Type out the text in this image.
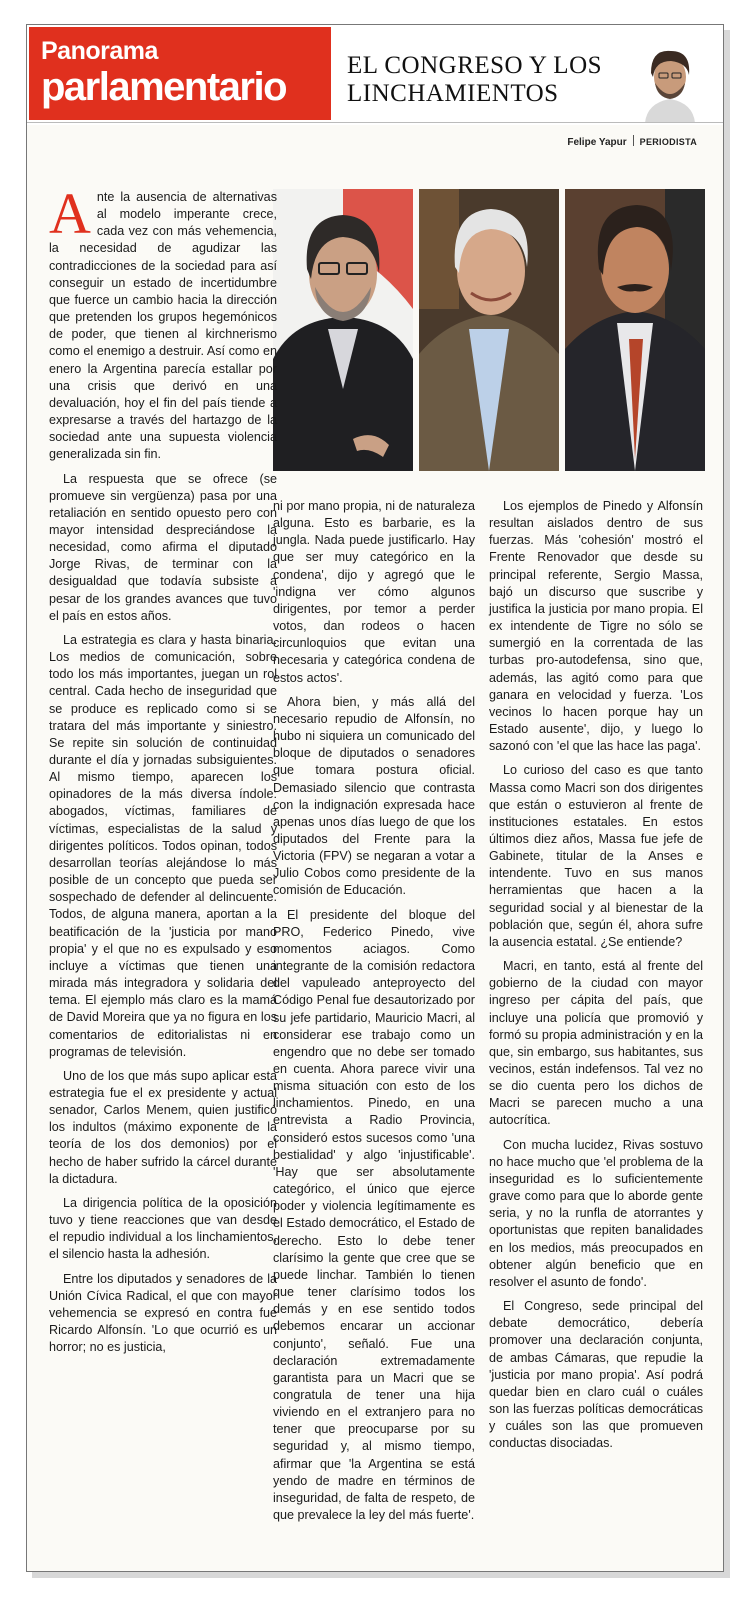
Panorama
parlamentario EL CONGRESO Y LOS LINCHAMIENTOS
Felipe Yapur PERIODISTA

Ante la ausencia de alternativas al modelo imperante crece, cada vez con más vehemencia, la necesidad de agudizar las contradicciones de la sociedad para así conseguir un estado de incertidumbre que fuerce un cambio hacia la dirección que pretenden los grupos hegemónicos de poder, que tienen al kirchnerismo como el enemigo a destruir. Así como en enero la Argentina parecía estallar por una crisis que derivó en una devaluación, hoy el fin del país tiende a expresarse a través del hartazgo de la sociedad ante una supuesta violencia generalizada sin fin.

La respuesta que se ofrece (se promueve sin vergüenza) pasa por una retaliación en sentido opuesto pero con mayor intensidad despreciándose la necesidad, como afirma el diputado Jorge Rivas, de terminar con la desigualdad que todavía subsiste a pesar de los grandes avances que tuvo el país en estos años.

La estrategia es clara y hasta binaria. Los medios de comunicación, sobre todo los más importantes, juegan un rol central. Cada hecho de inseguridad que se produce es replicado como si se tratara del más importante y siniestro. Se repite sin solución de continuidad durante el día y jornadas subsiguientes. Al mismo tiempo, aparecen los opinadores de la más diversa índole: abogados, víctimas, familiares de víctimas, especialistas de la salud y dirigentes políticos. Todos opinan, todos desarrollan teorías alejándose lo más posible de un concepto que pueda ser sospechado de defender al delincuente. Todos, de alguna manera, aportan a la beatificación de la 'justicia por mano propia' y el que no es expulsado y eso incluye a víctimas que tienen una mirada más integradora y solidaria del tema. El ejemplo más claro es la mamá de David Moreira que ya no figura en los comentarios de editorialistas ni en programas de televisión.

Uno de los que más supo aplicar esta estrategia fue el ex presidente y actual senador, Carlos Menem, quien justificó los indultos (máximo exponente de la teoría de los dos demonios) por el hecho de haber sufrido la cárcel durante la dictadura.

La dirigencia política de la oposición tuvo y tiene reacciones que van desde el repudio individual a los linchamientos, el silencio hasta la adhesión.

Entre los diputados y senadores de la Unión Cívica Radical, el que con mayor vehemencia se expresó en contra fue Ricardo Alfonsín. 'Lo que ocurrió es un horror; no es justicia,

ni por mano propia, ni de naturaleza alguna. Esto es barbarie, es la jungla. Nada puede justificarlo. Hay que ser muy categórico en la condena', dijo y agregó que le 'indigna ver cómo algunos dirigentes, por temor a perder votos, dan rodeos o hacen circunloquios que evitan una necesaria y categórica condena de estos actos'.

Ahora bien, y más allá del necesario repudio de Alfonsín, no hubo ni siquiera un comunicado del bloque de diputados o senadores que tomara postura oficial. Demasiado silencio que contrasta con la indignación expresada hace apenas unos días luego de que los diputados del Frente para la Victoria (FPV) se negaran a votar a Julio Cobos como presidente de la comisión de Educación.

El presidente del bloque del PRO, Federico Pinedo, vive momentos aciagos. Como integrante de la comisión redactora del vapuleado anteproyecto del Código Penal fue desautorizado por su jefe partidario, Mauricio Macri, al considerar ese trabajo como un engendro que no debe ser tomado en cuenta. Ahora parece vivir una misma situación con esto de los linchamientos. Pinedo, en una entrevista a Radio Provincia, consideró estos sucesos como 'una bestialidad' y algo 'injustificable'. 'Hay que ser absolutamente categórico, el único que ejerce poder y violencia legítimamente es el Estado democrático, el Estado de derecho. Esto lo debe tener clarísimo la gente que cree que se puede linchar. También lo tienen que tener clarísimo todos los demás y en ese sentido todos debemos encarar un accionar conjunto', señaló. Fue una declaración extremadamente garantista para un Macri que se congratula de tener una hija viviendo en el extranjero para no tener que preocuparse por su seguridad y, al mismo tiempo, afirmar que 'la Argentina se está yendo de madre en términos de inseguridad, de falta de respeto, de que prevalece la ley del más fuerte'.

Los ejemplos de Pinedo y Alfonsín resultan aislados dentro de sus fuerzas. Más 'cohesión' mostró el Frente Renovador que desde su principal referente, Sergio Massa, bajó un discurso que suscribe y justifica la justicia por mano propia. El ex intendente de Tigre no sólo se sumergió en la correntada de las turbas pro-autodefensa, sino que, además, las agitó como para que ganara en velocidad y fuerza. 'Los vecinos lo hacen porque hay un Estado ausente', dijo, y luego lo sazonó con 'el que las hace las paga'.

Lo curioso del caso es que tanto Massa como Macri son dos dirigentes que están o estuvieron al frente de instituciones estatales. En estos últimos diez años, Massa fue jefe de Gabinete, titular de la Anses e intendente. Tuvo en sus manos herramientas que hacen a la seguridad social y al bienestar de la población que, según él, ahora sufre la ausencia estatal. ¿Se entiende?

Macri, en tanto, está al frente del gobierno de la ciudad con mayor ingreso per cápita del país, que incluye una policía que promovió y formó su propia administración y en la que, sin embargo, sus habitantes, sus vecinos, están indefensos. Tal vez no se dio cuenta pero los dichos de Macri se parecen mucho a una autocrítica.

Con mucha lucidez, Rivas sostuvo no hace mucho que 'el problema de la inseguridad es lo suficientemente grave como para que lo aborde gente seria, y no la runfla de atorrantes y oportunistas que repiten banalidades en los medios, más preocupados en obtener algún beneficio que en resolver el asunto de fondo'.

El Congreso, sede principal del debate democrático, debería promover una declaración conjunta, de ambas Cámaras, que repudie la 'justicia por mano propia'. Así podrá quedar bien en claro cuál o cuáles son las fuerzas políticas democráticas y cuáles son las que promueven conductas disociadas.
